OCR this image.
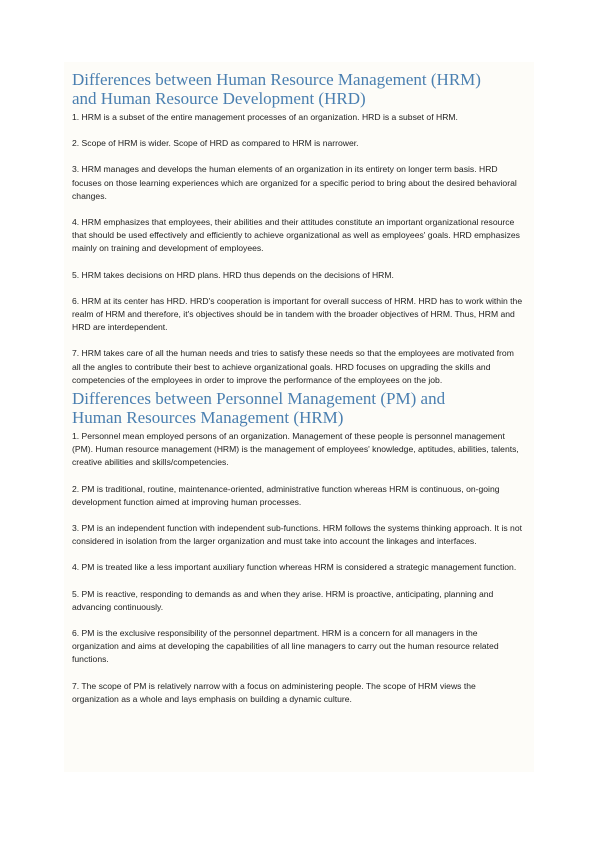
Differences between Human Resource Management (HRM)
and Human Resource Development (HRD)

1. HRM is a subset of the entire management processes of an organization. HRD is a subset of HRM.

2. Scope of HRM is wider. Scope of HRD as compared to HRM is narrower.

3. HRM manages and develops the human elements of an organization in its entirety on longer term basis. HRD focuses on those learning experiences which are organized for a specific period to bring about the desired behavioral changes.

4. HRM emphasizes that employees, their abilities and their attitudes constitute an important organizational resource that should be used effectively and efficiently to achieve organizational as well as employees' goals. HRD emphasizes mainly on training and development of employees.

5. HRM takes decisions on HRD plans. HRD thus depends on the decisions of HRM.

6. HRM at its center has HRD. HRD's cooperation is important for overall success of HRM. HRD has to work within the realm of HRM and therefore, it's objectives should be in tandem with the broader objectives of HRM. Thus, HRM and HRD are interdependent.

7. HRM takes care of all the human needs and tries to satisfy these needs so that the employees are motivated from all the angles to contribute their best to achieve organizational goals. HRD focuses on upgrading the skills and competencies of the employees in order to improve the performance of the employees on the job.

Differences between Personnel Management (PM) and
Human Resources Management (HRM)

1. Personnel mean employed persons of an organization. Management of these people is personnel management (PM). Human resource management (HRM) is the management of employees' knowledge, aptitudes, abilities, talents, creative abilities and skills/competencies.

2. PM is traditional, routine, maintenance-oriented, administrative function whereas HRM is continuous, on-going development function aimed at improving human processes.

3. PM is an independent function with independent sub-functions. HRM follows the systems thinking approach. It is not considered in isolation from the larger organization and must take into account the linkages and interfaces.

4. PM is treated like a less important auxiliary function whereas HRM is considered a strategic management function.

5. PM is reactive, responding to demands as and when they arise. HRM is proactive, anticipating, planning and advancing continuously.

6. PM is the exclusive responsibility of the personnel department. HRM is a concern for all managers in the organization and aims at developing the capabilities of all line managers to carry out the human resource related functions.

7. The scope of PM is relatively narrow with a focus on administering people. The scope of HRM views the organization as a whole and lays emphasis on building a dynamic culture.
